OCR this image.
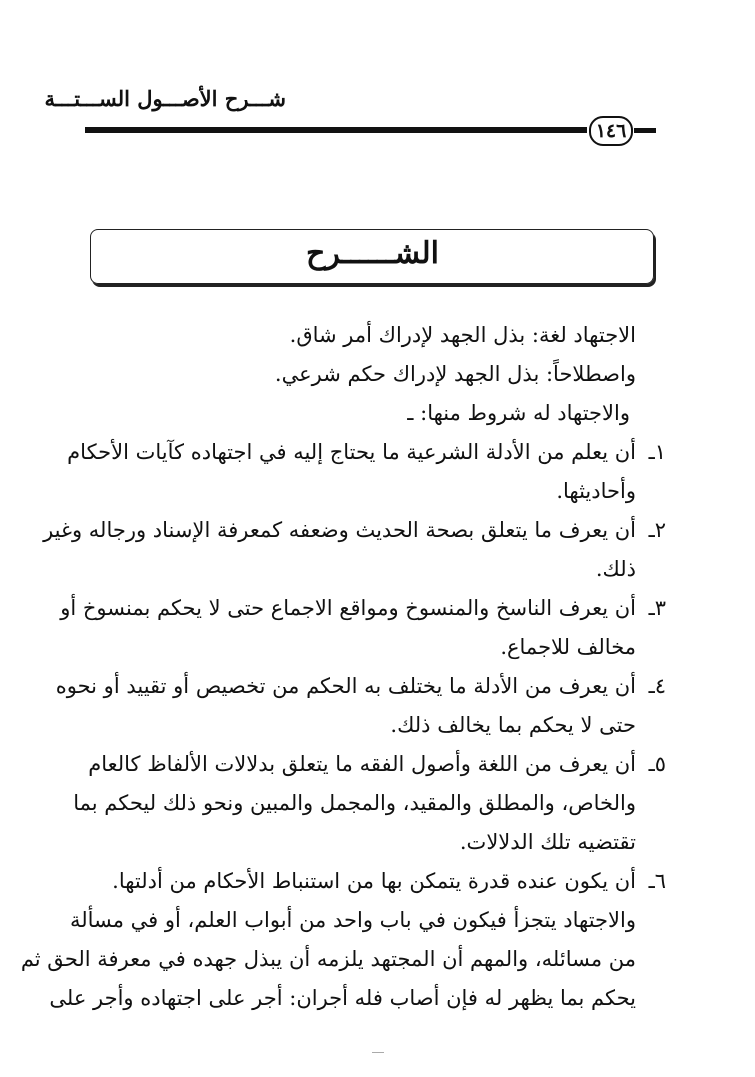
شـــرح الأصـــول الســـتـــة
١٤٦
الشــــــرح
الاجتهاد لغة: بذل الجهد لإدراك أمر شاق.
واصطلاحاً: بذل الجهد لإدراك حكم شرعي.
والاجتهاد له شروط منها: ـ
١ـأن يعلم من الأدلة الشرعية ما يحتاج إليه في اجتهاده كآيات الأحكام
وأحاديثها.
٢ـأن يعرف ما يتعلق بصحة الحديث وضعفه كمعرفة الإسناد ورجاله وغير
ذلك.
٣ـأن يعرف الناسخ والمنسوخ ومواقع الاجماع حتى لا يحكم بمنسوخ أو
مخالف للاجماع.
٤ـأن يعرف من الأدلة ما يختلف به الحكم من تخصيص أو تقييد أو نحوه
حتى لا يحكم بما يخالف ذلك.
٥ـأن يعرف من اللغة وأصول الفقه ما يتعلق بدلالات الألفاظ كالعام
والخاص، والمطلق والمقيد، والمجمل والمبين ونحو ذلك ليحكم بما
تقتضيه تلك الدلالات.
٦ـأن يكون عنده قدرة يتمكن بها من استنباط الأحكام من أدلتها.
والاجتهاد يتجزأ فيكون في باب واحد من أبواب العلم، أو في مسألة
من مسائله، والمهم أن المجتهد يلزمه أن يبذل جهده في معرفة الحق ثم
يحكم بما يظهر له فإن أصاب فله أجران: أجر على اجتهاده وأجر على
